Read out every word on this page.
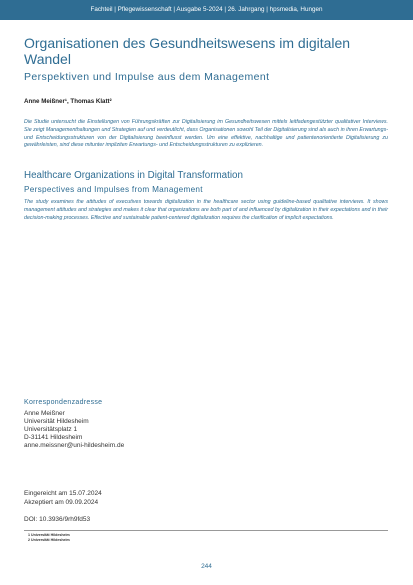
Fachteil | Pflegewissenschaft | Ausgabe 5-2024 | 26. Jahrgang | hpsmedia, Hungen
Organisationen des Gesundheitswesens im digitalen Wandel
Perspektiven und Impulse aus dem Management
Anne Meißner¹, Thomas Klatt²

Die Studie untersucht die Einstellungen von Führungskräften zur Digitalisierung im Gesundheitswesen mittels leitfadengestützter qualitativer Interviews. Sie zeigt Managementhaltungen und Strategien auf und verdeutlicht, dass Organisationen sowohl Teil der Digitalisierung sind als auch in ihren Erwartungs- und Entscheidungsstrukturen von der Digitalisierung beeinflusst werden. Um eine effektive, nachhaltige und patientenorientierte Digitalisierung zu gewährleisten, sind diese mitunter impliziten Erwartungs- und Entscheidungsstrukturen zu explizieren.

Healthcare Organizations in Digital Transformation
Perspectives and Impulses from Management

The study examines the attitudes of executives towards digitalization in the healthcare sector using guideline-based qualitative interviews. It shows management attitudes and strategies and makes it clear that organizations are both part of and influenced by digitalization in their expectations and in their decision-making processes. Effective and sustainable patient-centered digitalization requires the clarification of implicit expectations.

Korrespondenzadresse
Anne Meißner
Universität Hildesheim
Universitätsplatz 1
D-31141 Hildesheim
anne.meissner@uni-hildesheim.de
Eingereicht am 15.07.2024
Akzeptiert am 09.09.2024
DOI: 10.3936/9rh9fd53
1 Universität Hildesheim
2 Universität Hildesheim
244
